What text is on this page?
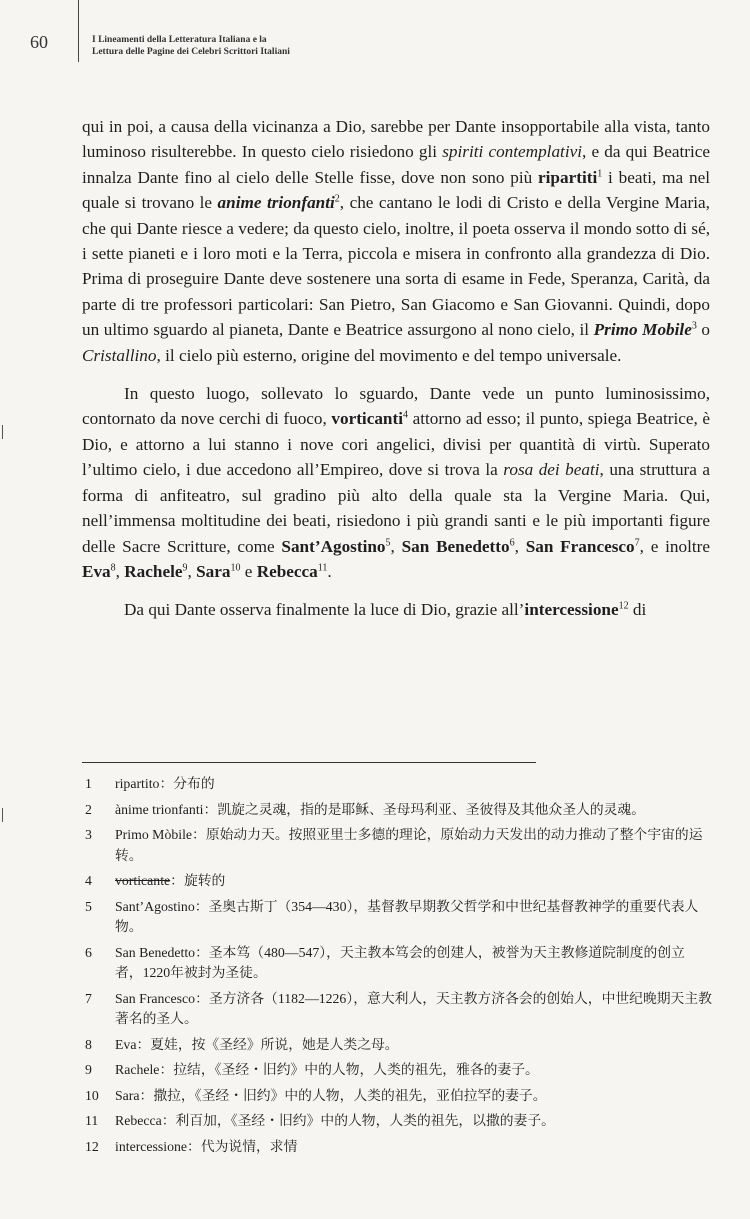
60	I Lineamenti della Letteratura Italiana e la
Lettura delle Pagine dei Celebri Scrittori Italiani

qui in poi, a causa della vicinanza a Dio, sarebbe per Dante insopportabile alla vista, tanto luminoso risulterebbe. In questo cielo risiedono gli spiriti contemplativi, e da qui Beatrice innalza Dante fino al cielo delle Stelle fisse, dove non sono più ripartiti$^1$ i beati, ma nel quale si trovano le anime trionfanti$^2$, che cantano le lodi di Cristo e della Vergine Maria, che qui Dante riesce a vedere; da questo cielo, inoltre, il poeta osserva il mondo sotto di sé, i sette pianeti e i loro moti e la Terra, piccola e misera in confronto alla grandezza di Dio. Prima di proseguire Dante deve sostenere una sorta di esame in Fede, Speranza, Carità, da parte di tre professori particolari: San Pietro, San Giacomo e San Giovanni. Quindi, dopo un ultimo sguardo al pianeta, Dante e Beatrice assurgono al nono cielo, il Primo Mobile$^3$ o Cristallino, il cielo più esterno, origine del movimento e del tempo universale.

In questo luogo, sollevato lo sguardo, Dante vede un punto luminosissimo, contornato da nove cerchi di fuoco, vorticanti$^4$ attorno ad esso; il punto, spiega Beatrice, è Dio, e attorno a lui stanno i nove cori angelici, divisi per quantità di virtù. Superato l’ultimo cielo, i due accedono all’Empireo, dove si trova la rosa dei beati, una struttura a forma di anfiteatro, sul gradino più alto della quale sta la Vergine Maria. Qui, nell’immensa moltitudine dei beati, risiedono i più grandi santi e le più importanti figure delle Sacre Scritture, come Sant’Agostino$^5$, San Benedetto$^6$, San Francesco$^7$, e inoltre Eva$^8$, Rachele$^9$, Sara$^{10}$ e Rebecca$^{11}$.

Da qui Dante osserva finalmente la luce di Dio, grazie all’intercessione$^{12}$ di

1	ripartito：分布的
2	ànime trionfanti：凯旋之灵魂，指的是耶稣、圣母玛利亚、圣彼得及其他众圣人的灵魂。
3	Primo Mòbile：原始动力天。按照亚里士多德的理论，原始动力天发出的动力推动了整个宇宙的运转。
4	vorticante：旋转的
5	Sant’Agostino：圣奥古斯丁（354—430），基督教早期教父哲学和中世纪基督教神学的重要代表人物。
6	San Benedetto：圣本笃（480—547），天主教本笃会的创建人，被誉为天主教修道院制度的创立者，1220年被封为圣徒。
7	San Francesco：圣方济各（1182—1226），意大利人，天主教方济各会的创始人，中世纪晚期天主教著名的圣人。
8	Eva：夏娃，按《圣经》所说，她是人类之母。
9	Rachele：拉结，《圣经・旧约》中的人物，人类的祖先，雅各的妻子。
10	Sara：撒拉，《圣经・旧约》中的人物，人类的祖先，亚伯拉罕的妻子。
11	Rebecca：利百加，《圣经・旧约》中的人物，人类的祖先，以撒的妻子。
12	intercessione：代为说情，求情
